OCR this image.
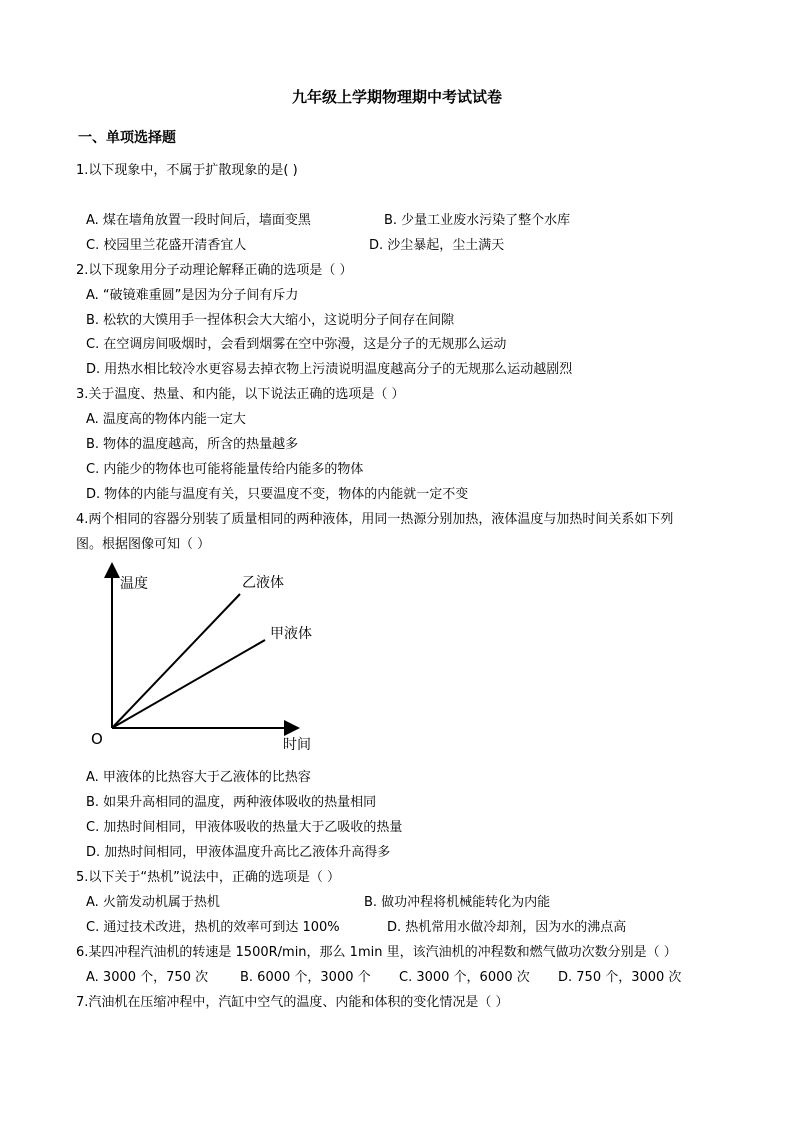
九年级上学期物理期中考试试卷
一、单项选择题
1.以下现象中，不属于扩散现象的是( )
A. 煤在墙角放置一段时间后，墙面变黑	B. 少量工业废水污染了整个水库
C. 校园里兰花盛开清香宜人	D. 沙尘暴起，尘土满天
2.以下现象用分子动理论解释正确的选项是（ ）
A. “破镜难重圆”是因为分子间有斥力
B. 松软的大馍用手一捏体积会大大缩小，这说明分子间存在间隙
C. 在空调房间吸烟时，会看到烟雾在空中弥漫，这是分子的无规那么运动
D. 用热水相比较冷水更容易去掉衣物上污渍说明温度越高分子的无规那么运动越剧烈
3.关于温度、热量、和内能，以下说法正确的选项是（ ）
A. 温度高的物体内能一定大
B. 物体的温度越高，所含的热量越多
C. 内能少的物体也可能将能量传给内能多的物体
D. 物体的内能与温度有关，只要温度不变，物体的内能就一定不变
4.两个相同的容器分别装了质量相同的两种液体，用同一热源分别加热，液体温度与加热时间关系如下列
图。根据图像可知（ ）
温度
时间
O
乙液体
甲液体
A. 甲液体的比热容大于乙液体的比热容
B. 如果升高相同的温度，两种液体吸收的热量相同
C. 加热时间相同，甲液体吸收的热量大于乙吸收的热量
D. 加热时间相同，甲液体温度升高比乙液体升高得多
5.以下关于“热机”说法中，正确的选项是（ ）
A. 火箭发动机属于热机	B. 做功冲程将机械能转化为内能
C. 通过技术改进，热机的效率可到达 100%	D. 热机常用水做冷却剂，因为水的沸点高
6.某四冲程汽油机的转速是 1500R/min，那么 1min 里，该汽油机的冲程数和燃气做功次数分别是（ ）
A. 3000 个，750 次 B. 6000 个，3000 个 C. 3000 个，6000 次 D. 750 个，3000 次
7.汽油机在压缩冲程中，汽缸中空气的温度、内能和体积的变化情况是（ ）
